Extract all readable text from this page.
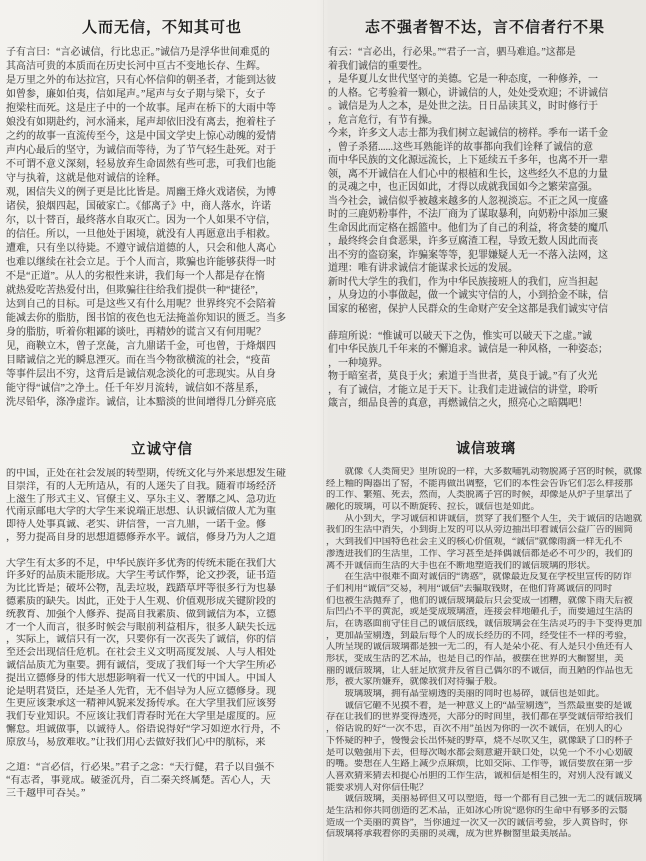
人而无信，不知其可也
子有言曰：“言必诚信，行比忠正。”诚信乃是浮华世间难觅的
其高洁可贵的本质而在历史长河中亘古不变地长存、生辉。
是万里之外的布达拉宫，只有心怀信仰的朝圣者，才能到达彼
如曾参，廉如伯夷，信如尾声。”尾声与女子期与梁下，女子
抱梁柱而死。这是庄子中的一个故事。尾声在桥下的大雨中等
娘没有如期赴约，河水涌来，尾声却依旧没有离去，抱着柱子
之约的故事一直流传至今，这是中国文学史上惊心动魄的爱情
声内心最后的坚守，为诚信而等待，为了节气轻生赴死。对于
不可谓不意义深刻，轻易放弃生命固然有些可悲，可我们也能
守与执着，这就是他对诚信的诠释。
观，困信失义的例子更是比比皆是。周幽王烽火戏诸侯，为博
诸侯，狼烟四起，国破家亡。《郁离子》中，商人落水，许诺
尔，以十替百，最终落水自取灭亡。因为一个人如果不守信，
的信任。所以，一旦他处于困境，就没有人再愿意出手相救。
遭难，只有坐以待毙。不遵守诚信道德的人，只会和他人离心
也难以继续在社会立足。于个人而言，欺骗也许能够获得一时
不是“正道”。从人的劣根性来讲，我们每一个人都是存在惰
就热爱吃苦热爱付出，但欺骗往往给我们提供一种“捷径”，
达到自己的目标。可是这些又有什么用呢？世界终究不会陪着
能减去你的脂肪，图书馆的夜色也无法掩盖你知识的匮乏。当多
身的脂肪，听着你粗鄙的谈吐，再精妙的谎言又有何用呢？
见，商鞅立木，曾子烹彘，言九鼎诺千金，可也曾，于烽烟四
目睹诚信之光的瞬息湮灭。而在当今物欲横流的社会，“疫苗
等事件层出不穷，这背后是诚信观念淡化的可悲现实。从自身
能守得“诚信”之净土。任千年岁月流转，诚信如不落星系，
洗尽铅华，涤净虚诈。诚信，让本黯淡的世间增得几分鲜亮底
志不强者智不达，言不信者行不果
有云：“言必出，行必果。”“君子一言，驷马难追。”这都是
着我们诚信的重要性。
，是华夏儿女世代坚守的美德。它是一种态度，一种修养，一
的人格。它考验着一颗心，讲诚信的人，处处受欢迎；不讲诚信
。诚信是为人之本，是处世之法。日日品读其义，时时修行于
，危言危行，有节有操。
今来，许多文人志士都为我们树立起诚信的榜样。季布一诺千金
，曾子杀猪......这些耳熟能详的故事都向我们诠释了诚信的意
而中华民族的文化源远流长，上下延续五千多年，也离不开一辈
领，离不开诚信在人们心中的根植和生长，这些经久不息的力量
的灵魂之中，也正因如此，才得以成就我国如今之繁荣富强。
当今社会，诚信似乎被越来越多的人忽视淡忘。不正之风一度盛
时的三鹿奶粉事件，不法厂商为了谋取暴利，向奶粉中添加三聚
生命因此而定格在摇篮中。他们为了自己的利益，将贪婪的魔爪
，最终终会自食恶果，许多豆腐渣工程，导致无数人因此而丧
出不穷的盗窃案，诈骗案等等，犯罪嫌疑人无一不落入法网，这
道理：唯有讲求诚信才能谋求长远的发展。
新时代大学生的我们，作为中华民族接班人的我们，应当担起
，从身边的小事做起，做一个诚实守信的人，小到拾金不昧，信
国家的秘密，保护人民群众的生命财产安全这都是我们诚实守信

薛瑄所说：“惟诚可以破天下之伪，惟实可以破天下之虚。”诚
们中华民族几千年来的不懈追求。诚信是一种风格，一种姿态；
，一种境界。
物于暗室者，莫良于火；索道于当世者，莫良于诚。”有了火光
，有了诚信，才能立足于天下。让我们走进诚信的讲堂，聆听
箴言，细品良善的真意，再燃诚信之火，照亮心之暗隅吧！
立诚守信
的中国，正处在社会发展的转型期，传统文化与外来思想发生碰
目崇洋，有的人无所适从，有的人迷失了自我。随着市场经济
上滋生了形式主义、官僚主义、享乐主义、奢靡之风、急功近
代南京邮电大学的大学生来说端正思想、认识诚信做人尤为重
即待人处事真诚、老实、讲信誉，一言九鼎，一诺千金。修
，努力提高自身的思想道德修养水平。诚信，修身乃为人之道

大学生有太多的不足，中华民族许多优秀的传统未能在我们大
许多好的品质未能形成。大学生考试作弊，论文抄袭，证书造
为比比皆是；破坏公物，乱丢垃圾，践踏草坪等很多行为也暴
德素质的缺失。因此，正处于人生观、价值观形成关键阶段的
统教育、加强个人修养、提高自我素质、做到诚信为本，立德
才一个人而言，很多时候会与眼前利益相斥，很多人缺失长远
，实际上，诚信只有一次，只要你有一次丧失了诚信，你的信
至还会出现信任危机。在社会主义文明高度发展、人与人相处
诚信品质尤为重要。拥有诚信，变成了我们每一个大学生所必
提出立德修身的伟大思想影响着一代又一代的中国人。中国人
论是明君贤臣，还是圣人先哲，无不倡导为人应立德修身。现
生更应该秉承这一精神风貌来发扬传承。在大学里我们应该努
我们专业知识。不应该让我们青春时光在大学里是虚度的。应
懈怠。坦诚做事，以诚待人。俗语说得好“学习如逆水行舟，不
原放马，易放难收。”让我们用心去做好我们心中的航标，来

之道：“言必信，行必果。”君子之念：“天行健，君子以自强不
“有志者，事竟成。破釜沉舟，百二秦关终属楚。苦心人，天
三千越甲可吞吴。”
诚信玻璃
　　就像《人类简史》里所说的一样，大多数哺乳动物脱离子宫的时候，就像
经上釉的陶器出了窑，不能再做出调整，它们的本性会告诉它们怎么样接那
的工作、繁殖、死去，然而，人类脱离子宫的时候，却像是从炉子里拿出了
融化的玻璃，可以不断旋转、拉长，诚信也是如此。
　　从小到大，学习诚信和讲诚信，贯穿了我们整个人生，关于诚信的话题就
我们的生活中消失，小到街上发的可以从旁边抽出印着诚信公益广告的圆筒
，大到我们中国特色社会主义的核心价值观，“诚信”就像雨滴一样无孔不
渗透进我们的生活里，工作、学习甚至是择偶诚信都是必不可少的，我们的
离不开诚信而生活的大手也在不断地塑造我们的诚信玻璃的形状。
　　在生活中很难不面对诚信的“诱惑”，就像最近反复在学校里宣传的防诈
子们利用“诚信”交易，利用“诚信”去骗取钱财，在他们背离诚信的同时
们也被生活抛弃了，他们的诚信玻璃最后只会变成一团糟，就像下雨天后被
后凹凸不平的黄泥，或是变成玻璃渣，连接会样地砸孔子，而要通过生活的
后，在诱惑面前守住自己的诚信底线，诚信玻璃会在生活灵巧的手下变得更加
，更加晶莹剔透，到最后每个人的成长经历的不同，经受住不一样的考验，
人所呈现的诚信玻璃都是独一无二的，有人是朵小花、有人是只小鱼还有人
形状，变成生活的艺术品，也是自己的作品，被摆在世界的大橱窗里，美
丽的诚信玻璃，让人驻足欣赏并反省自己偶尔的不诚信，而丑陋的作品也无
形，被大家所嫌弃，就像我们对待骗子般。
　　玻璃玻璃，拥有晶莹剔透的美丽的同时也易碎，诚信也是如此。
　　诚信它砸不见摸不着，是一种意义上的“晶莹剔透”，当然最重要的是诚
存在让我们的世界变得透亮，大部分的时间里，我们都在享受诚信带给我们
，俗话说的好“一次不忠，百次不用”虽因为你的一次不诚信，在别人的心
下怀疑的种子，慢慢会长出怀疑的野草，烧不尽吹又生，就像缺了口的杯子
是可以勉强用下去，但每次喝水都会刻意避开缺口处，以免一个不小心划破
的嘴。要想在人生路上减少点麻烦，比如交际、工作等，诚信要放在第一步
人喜欢猜来猜去和提心吊胆的工作生活，诚和信是相生的，对别人没有诚义
能要求别人对你信任呢？
　　诚信玻璃，美丽易碎但又可以塑造，每一个都有自己独一无二的诚信玻璃
是生活和你共同创造的艺术品，正如冰心所说“愿你的生命中有够多的云翳
造成一个美丽的黄昏”，当你通过一次又一次的诚信考验，步入黄昏时，你
信玻璃将承载着你的美丽的灵魂，成为世界橱窗里最美展品。
